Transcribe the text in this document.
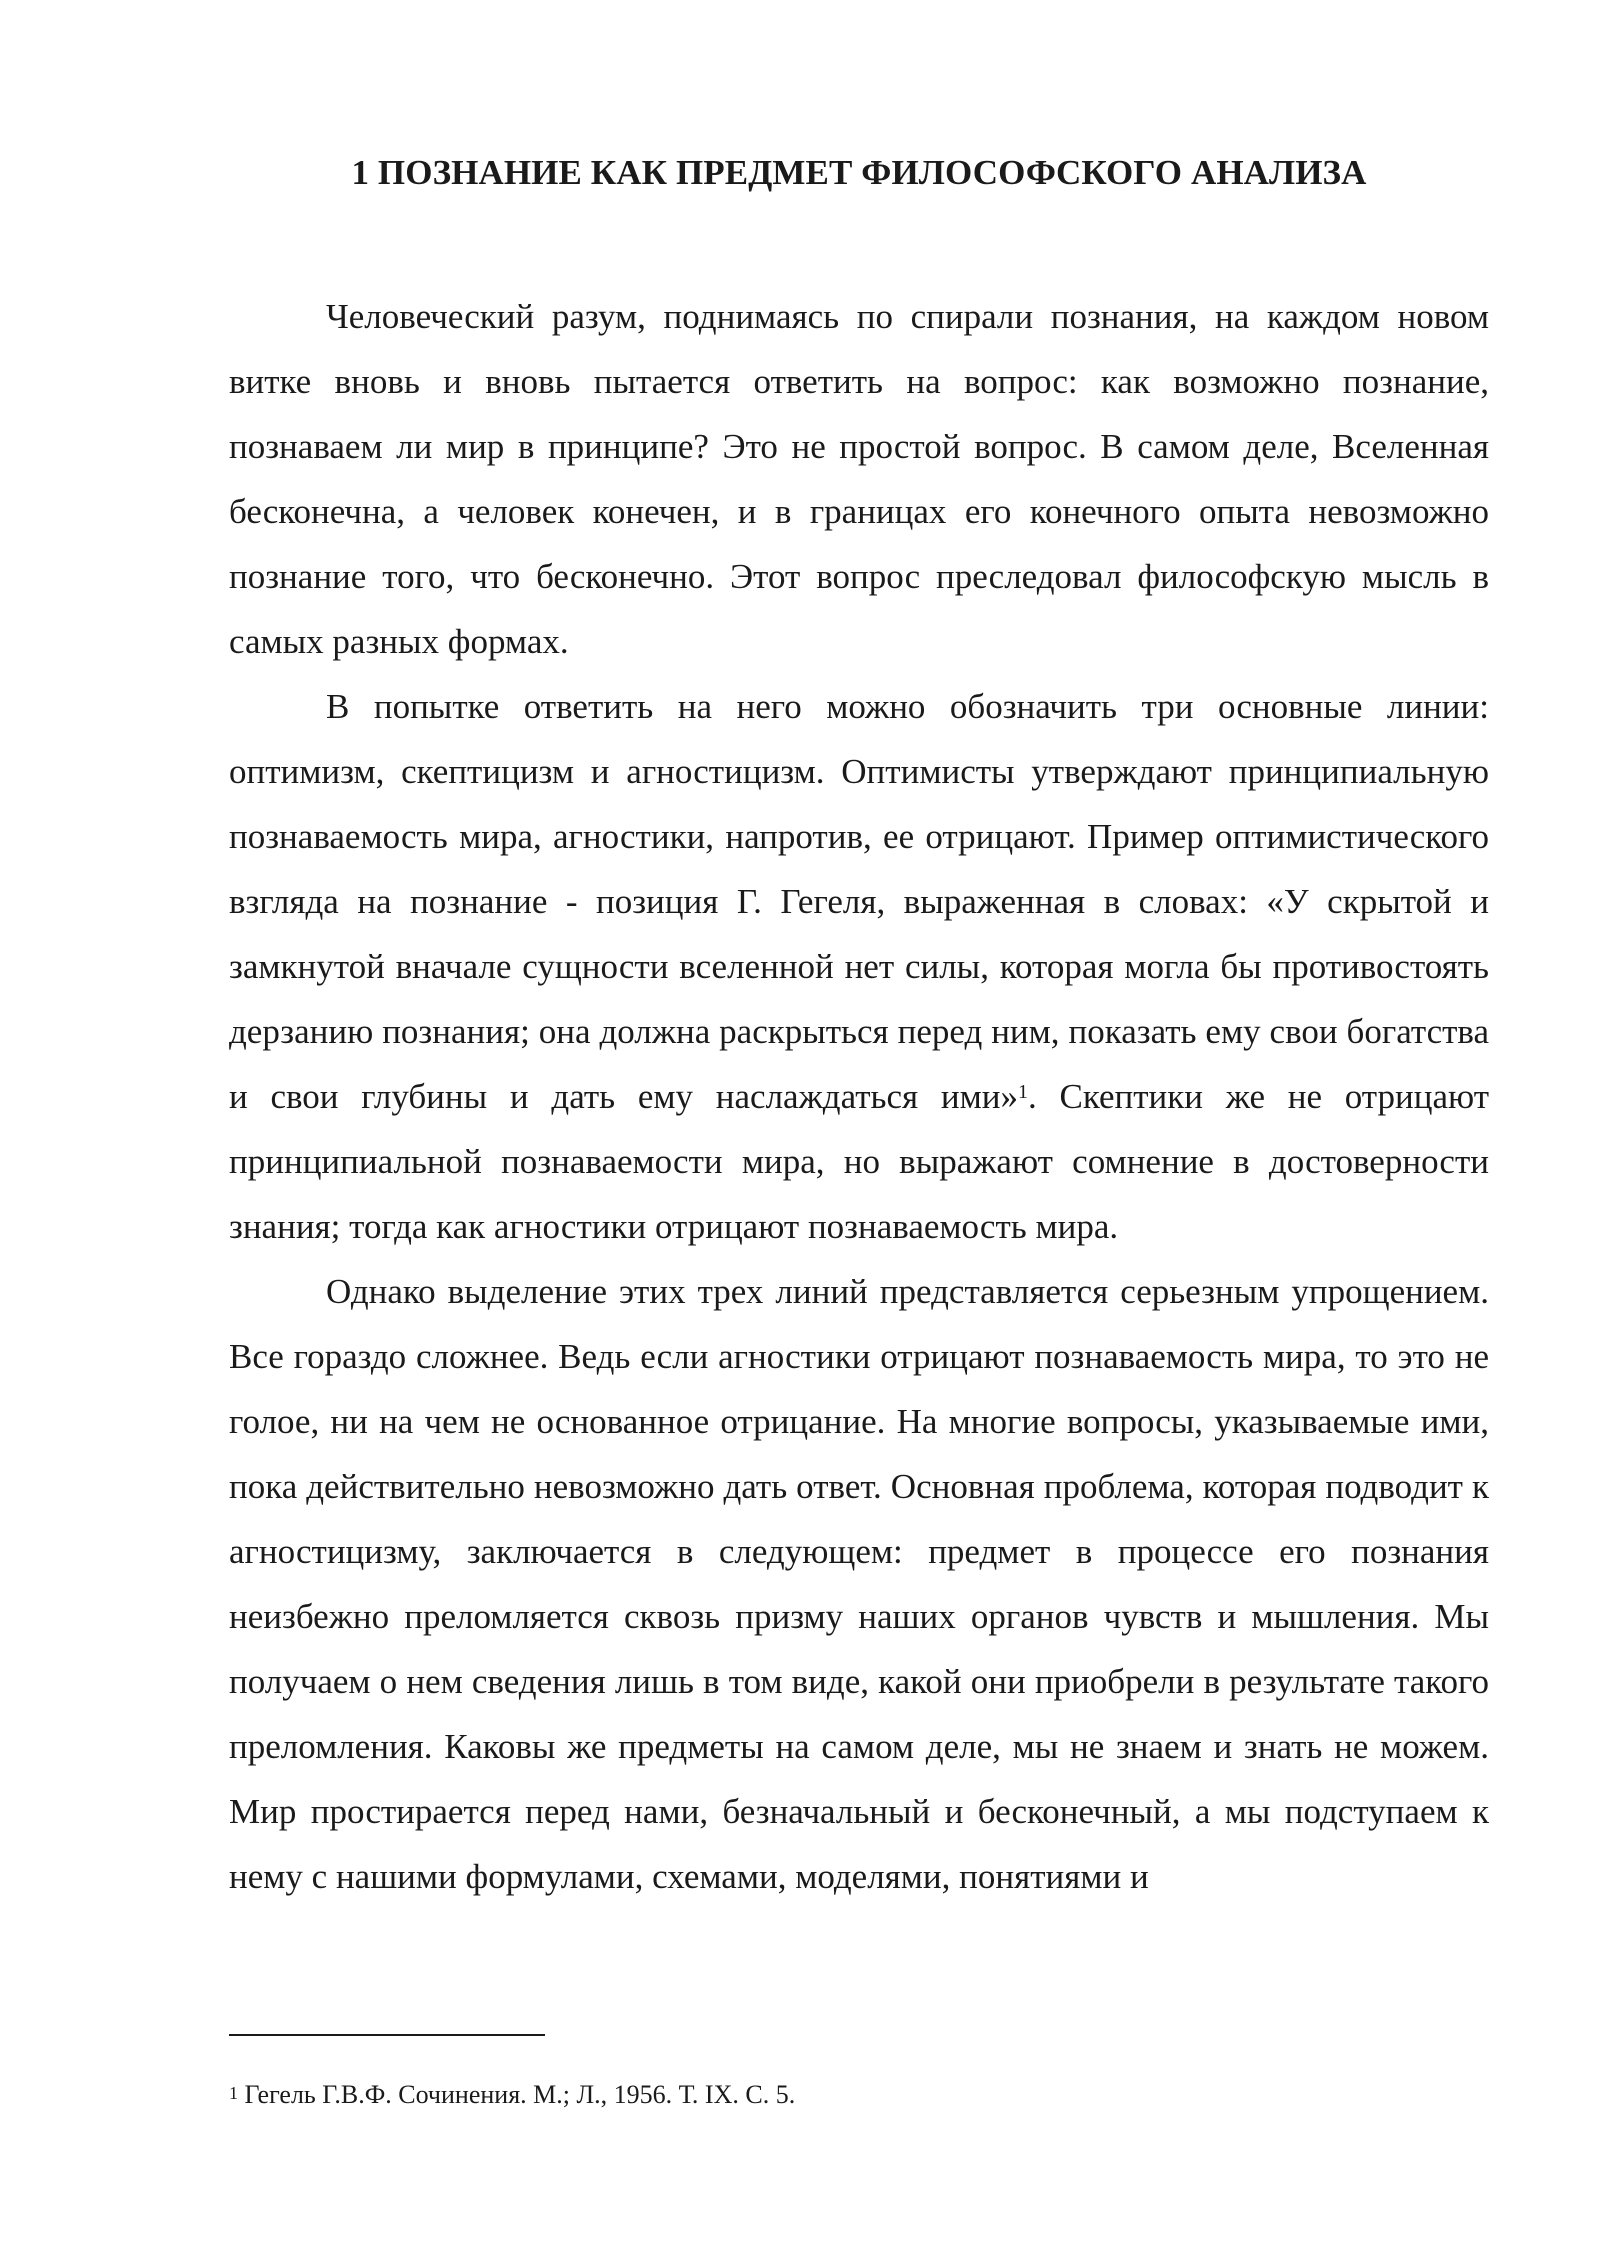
1 ПОЗНАНИЕ КАК ПРЕДМЕТ ФИЛОСОФСКОГО АНАЛИЗА

Человеческий разум, поднимаясь по спирали познания, на каждом новом витке вновь и вновь пытается ответить на вопрос: как возможно познание, познаваем ли мир в принципе? Это не простой вопрос. В самом деле, Вселенная бесконечна, а человек конечен, и в границах его конечного опыта невозможно познание того, что бесконечно. Этот вопрос преследовал философскую мысль в самых разных формах.

В попытке ответить на него можно обозначить три основные линии: оптимизм, скептицизм и агностицизм. Оптимисты утверждают принципиальную познаваемость мира, агностики, напротив, ее отрицают. Пример оптимистического взгляда на познание - позиция Г. Гегеля, выраженная в словах: «У скрытой и замкнутой вначале сущности вселенной нет силы, которая могла бы противостоять дерзанию познания; она должна раскрыться перед ним, показать ему свои богатства и свои глубины и дать ему наслаждаться ими»$^1$. Скептики же не отрицают принципиальной познаваемости мира, но выражают сомнение в достоверности знания; тогда как агностики отрицают познаваемость мира.

Однако выделение этих трех линий представляется серьезным упрощением. Все гораздо сложнее. Ведь если агностики отрицают познаваемость мира, то это не голое, ни на чем не основанное отрицание. На многие вопросы, указываемые ими, пока действительно невозможно дать ответ. Основная проблема, которая подводит к агностицизму, заключается в следующем: предмет в процессе его познания неизбежно преломляется сквозь призму наших органов чувств и мышления. Мы получаем о нем сведения лишь в том виде, какой они приобрели в результате такого преломления. Каковы же предметы на самом деле, мы не знаем и знать не можем. Мир простирается перед нами, безначальный и бесконечный, а мы подступаем к нему с нашими формулами, схемами, моделями, понятиями и

$^1$ Гегель Г.В.Ф. Сочинения. М.; Л., 1956. Т. IX. С. 5.
